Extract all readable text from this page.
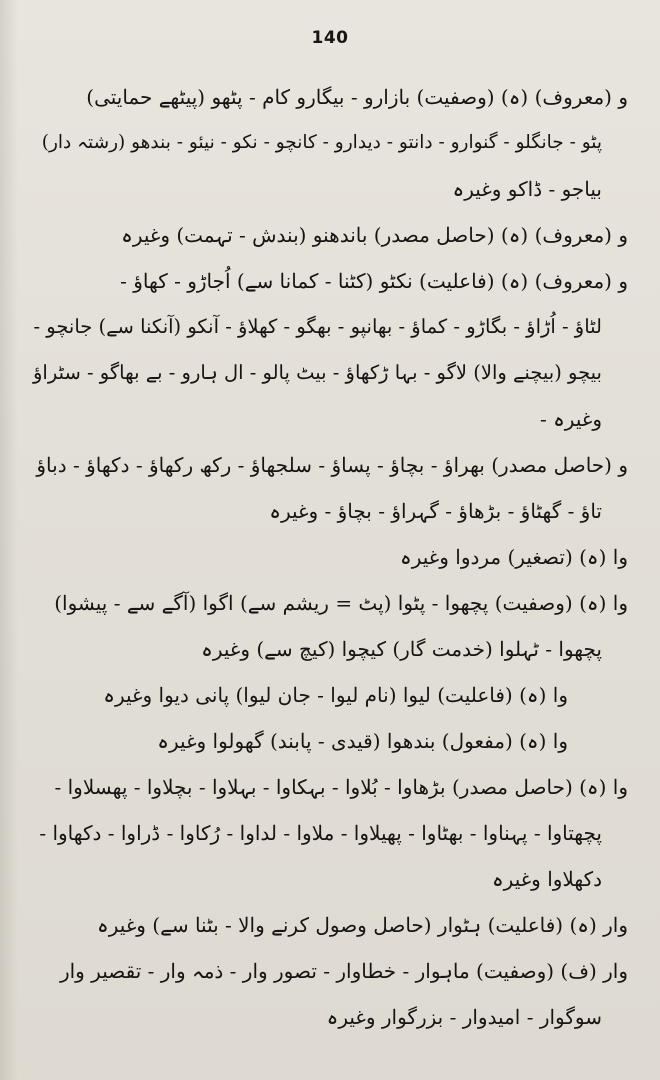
140
و (معروف) (ہ) (وصفیت) بازارو - بیگارو کام - پٹھو (پیٹھے حمایتی)
پٹو - جانگلو - گنوارو - دانتو - دیدارو - کانچو - نکو - نیئو - بندھو (رشتہ دار)
بیاجو - ڈاکو وغیرہ
و (معروف) (ہ) (حاصل مصدر) باندھنو (بندش - تہمت) وغیرہ
و (معروف) (ہ) (فاعلیت) نکٹو (کٹنا - کمانا سے) اُجاڑو - کھاؤ -
لٹاؤ - اُڑاؤ - بگاڑو - کماؤ - بھانپو - بھگو - کھلاؤ - آنکو (آنکنا سے) جانچو -
بیچو (بیچنے والا) لاگو - بہا ڑکھاؤ - بیٹ پالو - ال ہارو - بے بھاگو - سٹراؤ
وغیرہ -
و (حاصل مصدر) بھراؤ - بچاؤ - پساؤ - سلجھاؤ - رکھ رکھاؤ - دکھاؤ - دباؤ
تاؤ - گھٹاؤ - بڑھاؤ - گہراؤ - بچاؤ - وغیرہ
وا (ہ) (تصغیر) مردوا وغیرہ
وا (ہ) (وصفیت) پچھوا - پٹوا (پٹ = ریشم سے) اگوا (آگے سے - پیشوا)
پچھوا - ٹہلوا (خدمت گار) کیچوا (کیچ سے) وغیرہ
وا (ہ) (فاعلیت) لیوا (نام لیوا - جان لیوا) پانی دیوا وغیرہ
وا (ہ) (مفعول) بندھوا (قیدی - پابند) گھولوا وغیرہ
وا (ہ) (حاصل مصدر) بڑھاوا - بُلاوا - بہکاوا - بہلاوا - بچلاوا - پھسلاوا -
پچھتاوا - پہناوا - بھٹاوا - پھیلاوا - ملاوا - لداوا - رُکاوا - ڈراوا - دکھاوا -
دکھلاوا وغیرہ
وار (ہ) (فاعلیت) ہٹوار (حاصل وصول کرنے والا - بٹنا سے) وغیرہ
وار (ف) (وصفیت) ماہوار - خطاوار - تصور وار - ذمہ وار - تقصیر وار
سوگوار - امیدوار - بزرگوار وغیرہ
